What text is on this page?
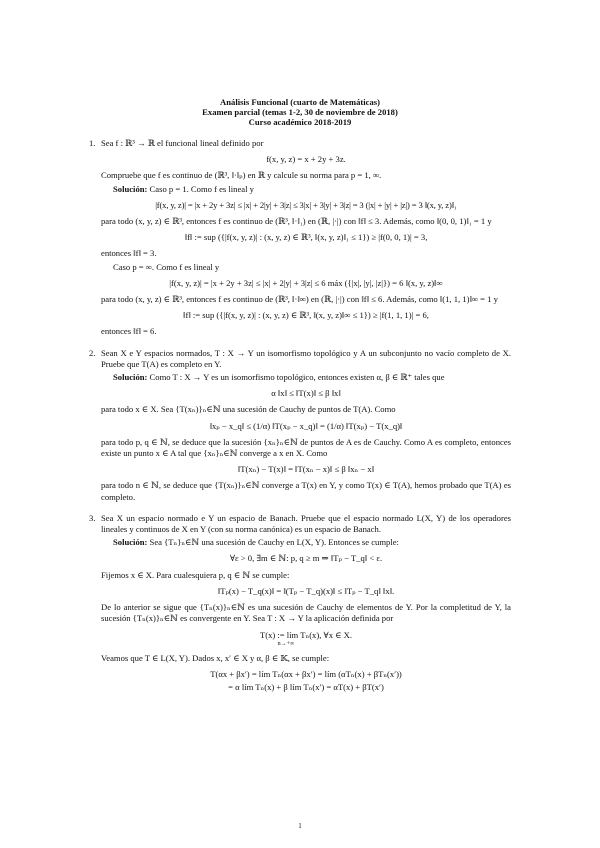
Análisis Funcional (cuarto de Matemáticas)
Examen parcial (temas 1-2, 30 de noviembre de 2018)
Curso académico 2018-2019
1. Sea f : ℝ³ → ℝ el funcional lineal definido por
f(x, y, z) = x + 2y + 3z.
Compruebe que f es continuo de (ℝ³, ‖·‖ₚ) en ℝ y calcule su norma para p = 1, ∞.
Solución: Caso p = 1. Como f es lineal y
|f(x, y, z)| = |x + 2y + 3z| ≤ |x| + 2|y| + 3|z| ≤ 3|x| + 3|y| + 3|z| = 3 (|x| + |y| + |z|) = 3 ‖(x, y, z)‖₁
para todo (x, y, z) ∈ ℝ³, entonces f es continuo de (ℝ³, ‖·‖₁) en (ℝ, |·|) con ‖f‖ ≤ 3. Además, como ‖(0, 0, 1)‖₁ = 1 y
‖f‖ := sup ({|f(x, y, z)| : (x, y, z) ∈ ℝ³, ‖(x, y, z)‖₁ ≤ 1}) ≥ |f(0, 0, 1)| = 3,
entonces ‖f‖ = 3.
Caso p = ∞. Como f es lineal y
|f(x, y, z)| = |x + 2y + 3z| ≤ |x| + 2|y| + 3|z| ≤ 6 máx ({|x|, |y|, |z|}) = 6 ‖(x, y, z)‖∞
para todo (x, y, z) ∈ ℝ³, entonces f es continuo de (ℝ³, ‖·‖∞) en (ℝ, |·|) con ‖f‖ ≤ 6. Además, como ‖(1, 1, 1)‖∞ = 1 y
‖f‖ := sup ({|f(x, y, z)| : (x, y, z) ∈ ℝ³, ‖(x, y, z)‖∞ ≤ 1}) ≥ |f(1, 1, 1)| = 6,
entonces ‖f‖ = 6.
2. Sean X e Y espacios normados, T : X → Y un isomorfismo topológico y A un subconjunto no vacío completo de X. Pruebe que T(A) es completo en Y.
Solución: Como T : X → Y es un isomorfismo topológico, entonces existen α, β ∈ ℝ⁺ tales que
α ‖x‖ ≤ ‖T(x)‖ ≤ β ‖x‖
para todo x ∈ X. Sea {T(xₙ)}ₙ∈ℕ una sucesión de Cauchy de puntos de T(A). Como
‖xₚ − x_q‖ ≤ (1/α) ‖T(xₚ − x_q)‖ = (1/α) ‖T(xₚ) − T(x_q)‖
para todo p, q ∈ ℕ, se deduce que la sucesión {xₙ}ₙ∈ℕ de puntos de A es de Cauchy. Como A es completo, entonces existe un punto x ∈ A tal que {xₙ}ₙ∈ℕ converge a x en X. Como
‖T(xₙ) − T(x)‖ = ‖T(xₙ − x)‖ ≤ β ‖xₙ − x‖
para todo n ∈ ℕ, se deduce que {T(xₙ)}ₙ∈ℕ converge a T(x) en Y, y como T(x) ∈ T(A), hemos probado que T(A) es completo.
3. Sea X un espacio normado e Y un espacio de Banach. Pruebe que el espacio normado L(X, Y) de los operadores lineales y continuos de X en Y (con su norma canónica) es un espacio de Banach.
Solución: Sea {Tₙ}ₙ∈ℕ una sucesión de Cauchy en L(X, Y). Entonces se cumple:
∀ε > 0, ∃m ∈ ℕ: p, q ≥ m ⇒ ‖Tₚ − T_q‖ < ε.
Fijemos x ∈ X. Para cualesquiera p, q ∈ ℕ se cumple:
‖Tₚ(x) − T_q(x)‖ = ‖(Tₚ − T_q)(x)‖ ≤ ‖Tₚ − T_q‖ ‖x‖.
De lo anterior se sigue que {Tₙ(x)}ₙ∈ℕ es una sucesión de Cauchy de elementos de Y. Por la completitud de Y, la sucesión {Tₙ(x)}ₙ∈ℕ es convergente en Y. Sea T : X → Y la aplicación definida por
T(x) := lím Tₙ(x), ∀x ∈ X.
n→+∞
Veamos que T ∈ L(X, Y). Dados x, x′ ∈ X y α, β ∈ 𝕂, se cumple:
T(αx + βx′) = lím Tₙ(αx + βx′) = lím (αTₙ(x) + βTₙ(x′))
= α lím Tₙ(x) + β lím Tₙ(x′) = αT(x) + βT(x′)
1
